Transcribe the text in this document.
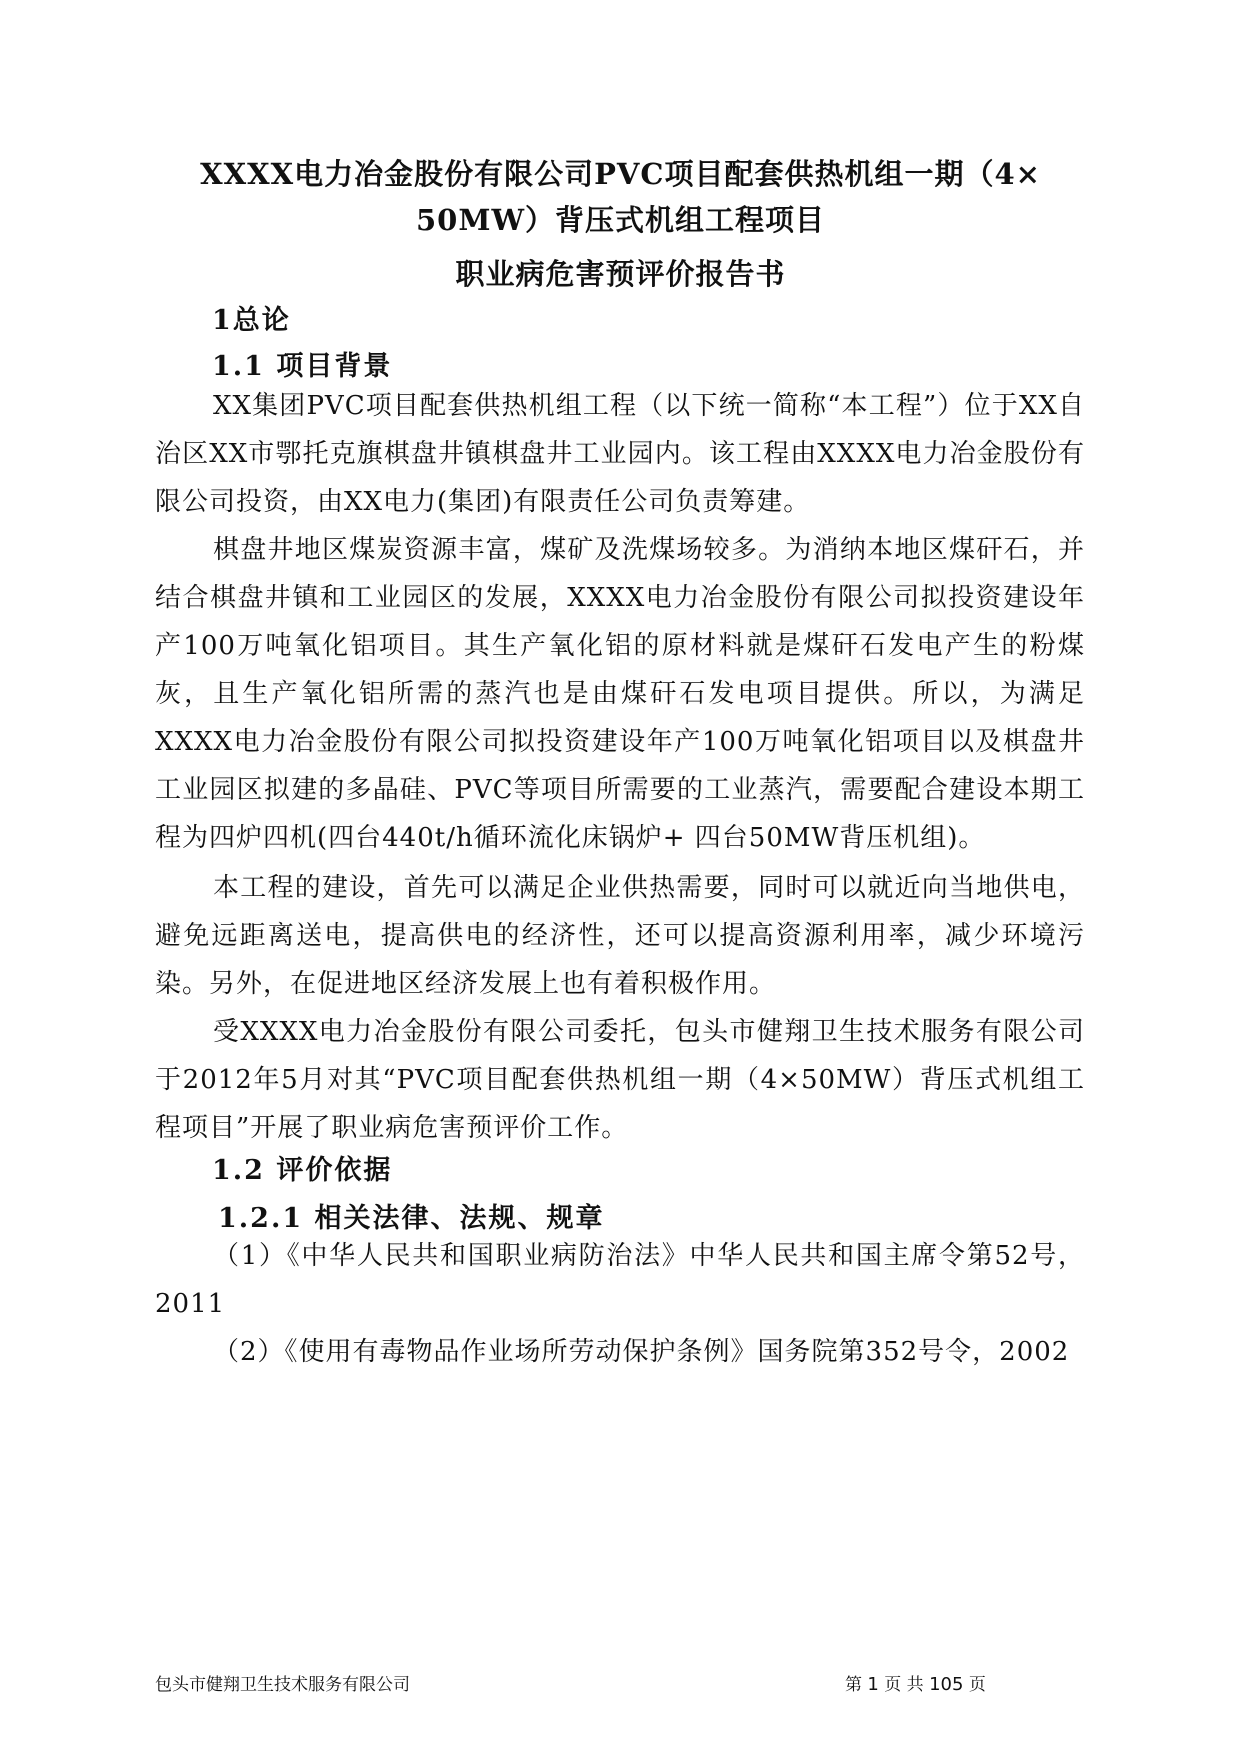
XXXX电力冶金股份有限公司PVC项目配套供热机组一期（4×
50MW）背压式机组工程项目
职业病危害预评价报告书
1总论
1.1 项目背景
XX集团PVC项目配套供热机组工程（以下统一简称“本工程”）位于XX自治区XX市鄂托克旗棋盘井镇棋盘井工业园内。该工程由XXXX电力冶金股份有限公司投资，由XX电力(集团)有限责任公司负责筹建。
棋盘井地区煤炭资源丰富，煤矿及洗煤场较多。为消纳本地区煤矸石，并结合棋盘井镇和工业园区的发展，XXXX电力冶金股份有限公司拟投资建设年产100万吨氧化铝项目。其生产氧化铝的原材料就是煤矸石发电产生的粉煤灰，且生产氧化铝所需的蒸汽也是由煤矸石发电项目提供。所以，为满足XXXX电力冶金股份有限公司拟投资建设年产100万吨氧化铝项目以及棋盘井工业园区拟建的多晶硅、PVC等项目所需要的工业蒸汽，需要配合建设本期工程为四炉四机(四台440t/h循环流化床锅炉+ 四台50MW背压机组)。
本工程的建设，首先可以满足企业供热需要，同时可以就近向当地供电，避免远距离送电，提高供电的经济性，还可以提高资源利用率，减少环境污染。另外，在促进地区经济发展上也有着积极作用。
受XXXX电力冶金股份有限公司委托，包头市健翔卫生技术服务有限公司于2012年5月对其“PVC项目配套供热机组一期（4×50MW）背压式机组工程项目”开展了职业病危害预评价工作。
1.2 评价依据
1.2.1 相关法律、法规、规章
（1）《中华人民共和国职业病防治法》中华人民共和国主席令第52号，2011
（2）《使用有毒物品作业场所劳动保护条例》国务院第352号令，2002
包头市健翔卫生技术服务有限公司	第 1 页 共 105 页
